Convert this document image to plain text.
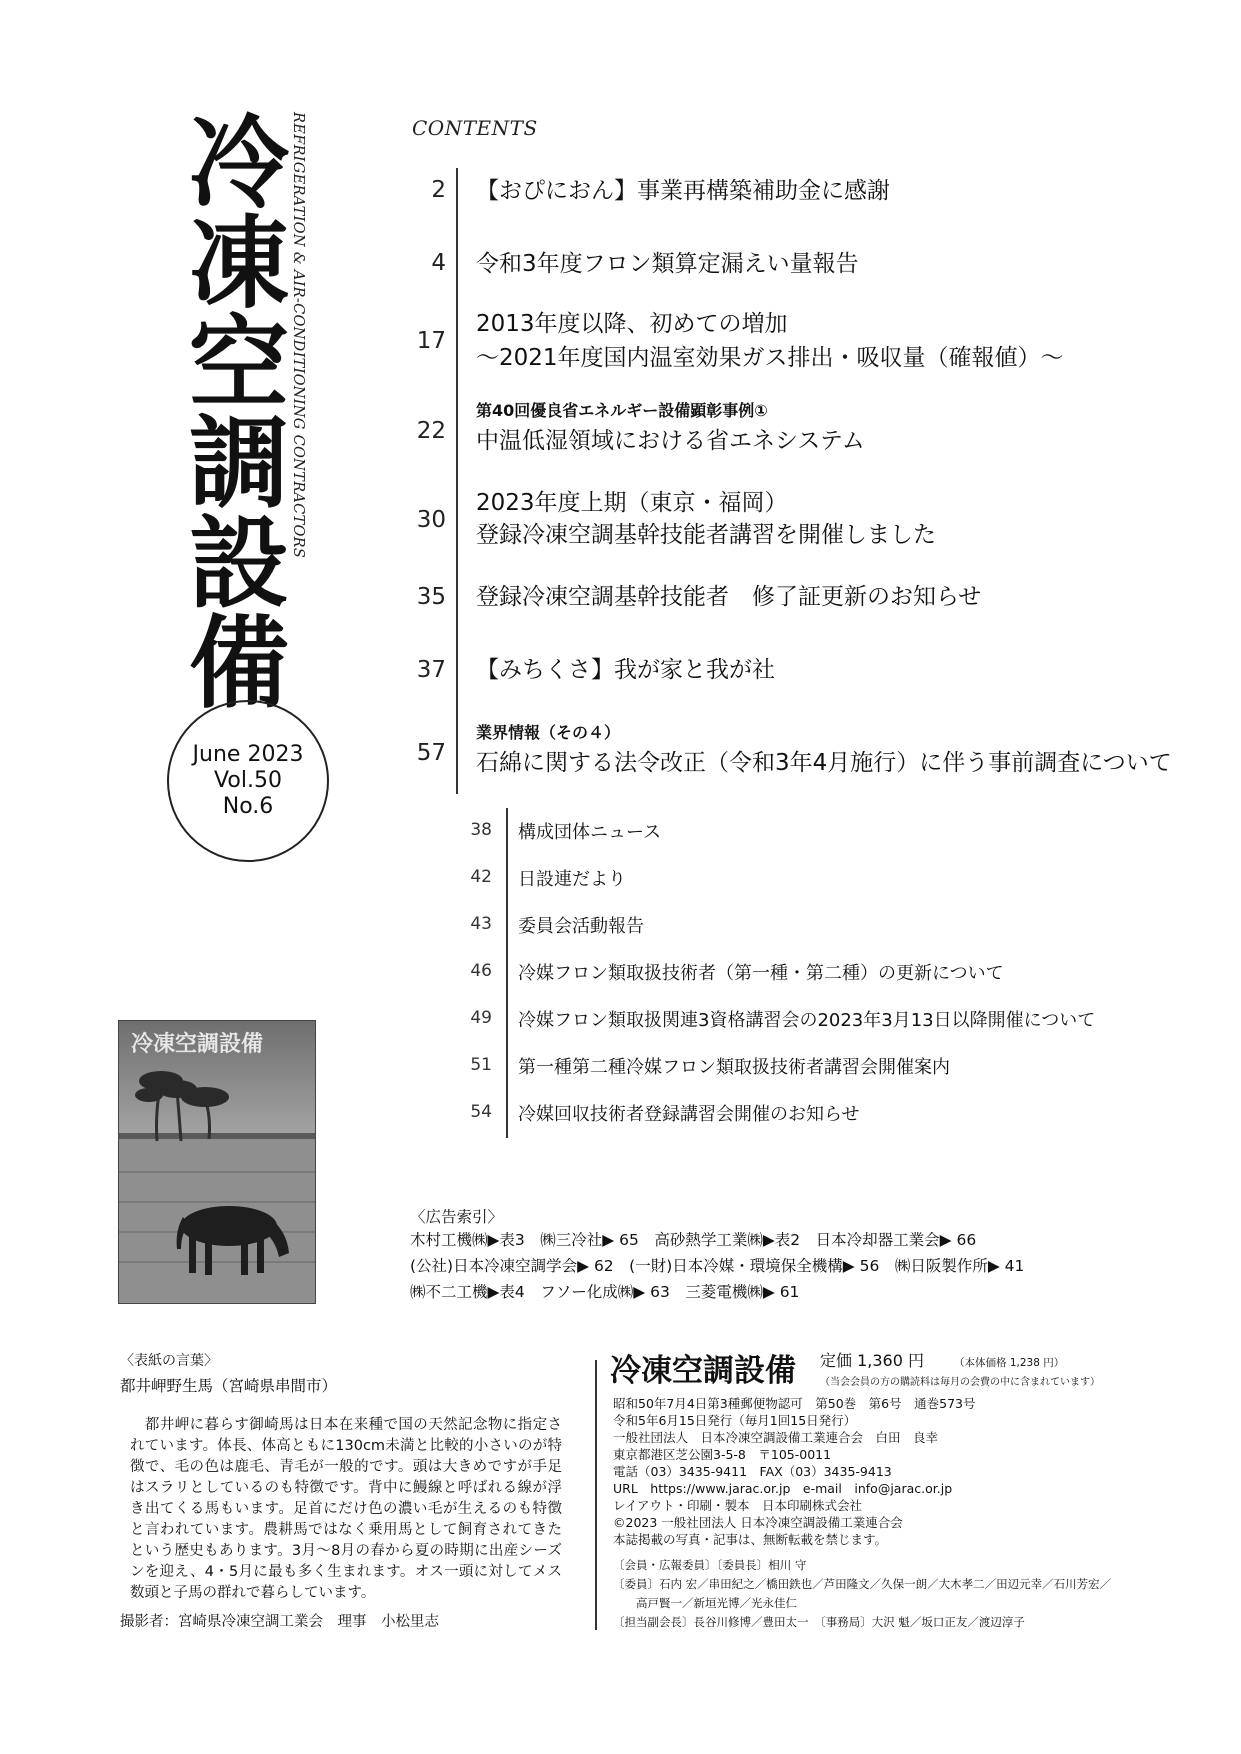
冷凍空調設備 REFRIGERATION & AIR-CONDITIONING CONTRACTORS
June 2023
Vol.50
No.6
CONTENTS
2 【おぴにおん】事業再構築補助金に感謝
4 令和3年度フロン類算定漏えい量報告
17
2013年度以降、初めての増加
～2021年度国内温室効果ガス排出・吸収量（確報値）～
22
第40回優良省エネルギー設備顕彰事例①
中温低湿領域における省エネシステム
30
2023年度上期（東京・福岡）
登録冷凍空調基幹技能者講習を開催しました
35 登録冷凍空調基幹技能者　修了証更新のお知らせ
37 【みちくさ】我が家と我が社
57
業界情報（その４）
石綿に関する法令改正（令和3年4月施行）に伴う事前調査について
38 構成団体ニュース
42 日設連だより
43 委員会活動報告
46 冷媒フロン類取扱技術者（第一種・第二種）の更新について
49 冷媒フロン類取扱関連3資格講習会の2023年3月13日以降開催について
51 第一種第二種冷媒フロン類取扱技術者講習会開催案内
54 冷媒回収技術者登録講習会開催のお知らせ
冷凍空調設備
〈広告索引〉
木村工機㈱▶表3　㈱三冷社▶ 65　高砂熱学工業㈱▶表2　日本冷却器工業会▶ 66
(公社)日本冷凍空調学会▶ 62　(一財)日本冷媒・環境保全機構▶ 56　㈱日阪製作所▶ 41
㈱不二工機▶表4　フソー化成㈱▶ 63　三菱電機㈱▶ 61
〈表紙の言葉〉
都井岬野生馬（宮崎県串間市）
　都井岬に暮らす御崎馬は日本在来種で国の天然記念物に指定されています。体長、体高ともに130cm未満と比較的小さいのが特徴で、毛の色は鹿毛、青毛が一般的です。頭は大きめですが手足はスラリとしているのも特徴です。背中に鰻線と呼ばれる線が浮き出てくる馬もいます。足首にだけ色の濃い毛が生えるのも特徴と言われています。農耕馬ではなく乗用馬として飼育されてきたという歴史もあります。3月～8月の春から夏の時期に出産シーズンを迎え、4・5月に最も多く生まれます。オス一頭に対してメス数頭と子馬の群れで暮らしています。
撮影者：宮崎県冷凍空調工業会　理事　小松里志
冷凍空調設備 定価 1,360 円	（本体価格 1,238 円）
（当会会員の方の購読料は毎月の会費の中に含まれています）
昭和50年7月4日第3種郵便物認可　第50巻　第6号　通巻573号
令和5年6月15日発行（毎月1回15日発行）
一般社団法人　日本冷凍空調設備工業連合会　白田　良幸
東京都港区芝公園3-5-8　〒105-0011
電話（03）3435-9411　FAX（03）3435-9413
URL　https://www.jarac.or.jp　e-mail　info@jarac.or.jp
レイアウト・印刷・製本　日本印刷株式会社
©2023 一般社団法人 日本冷凍空調設備工業連合会
本誌掲載の写真・記事は、無断転載を禁じます。
〔会員・広報委員〕〔委員長〕相川 守
〔委員〕石内 宏／串田紀之／橋田鉄也／芦田隆文／久保一朗／大木孝二／田辺元幸／石川芳宏／
　　高戸賢一／新垣光博／光永佳仁
〔担当副会長〕長谷川修博／豊田太一　〔事務局〕大沢 魁／坂口正友／渡辺淳子
